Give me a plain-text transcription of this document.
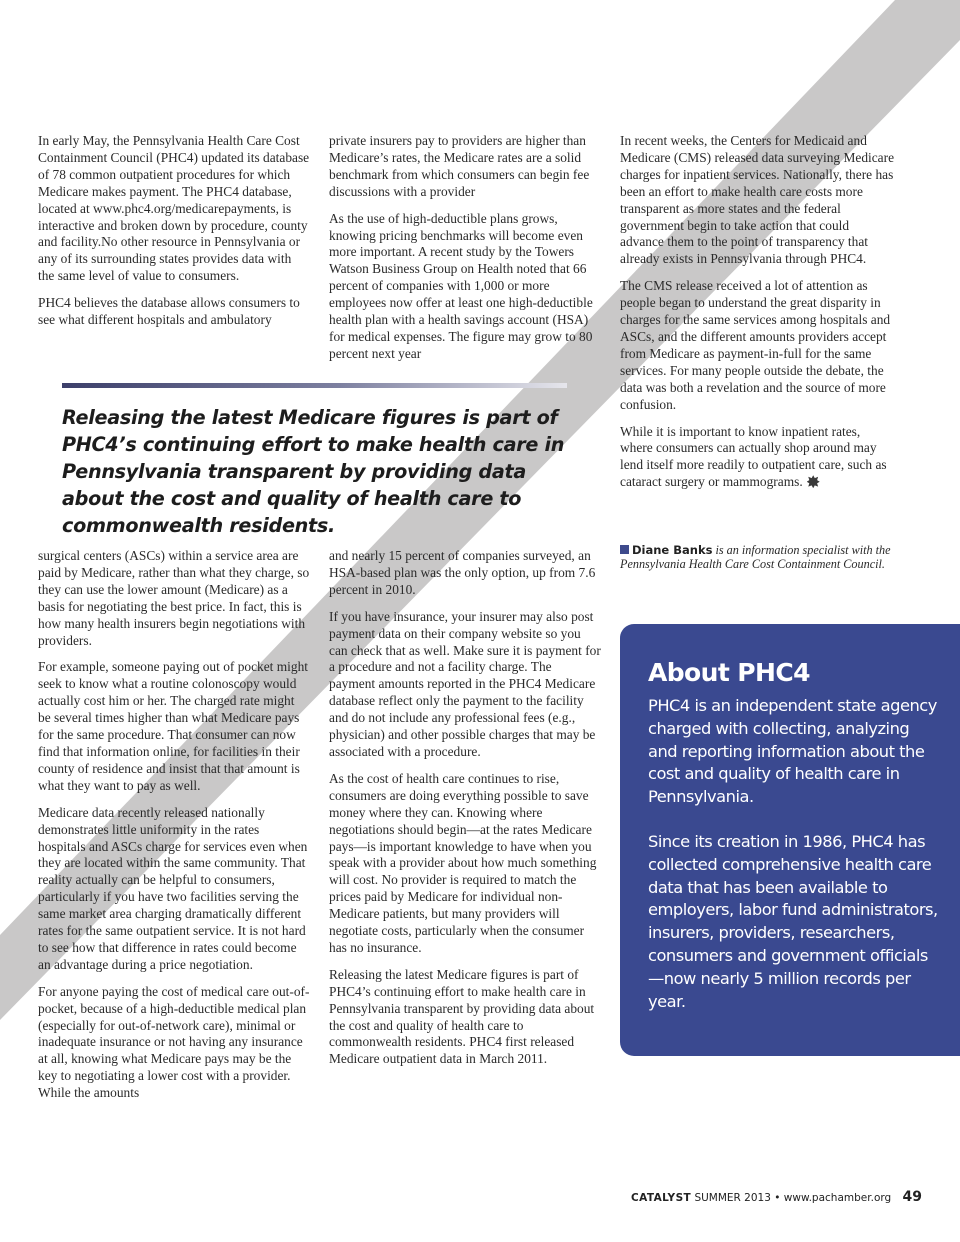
In early May, the Pennsylvania Health Care Cost Containment Council (PHC4) updated its database of 78 common outpatient procedures for which Medicare makes payment. The PHC4 database, located at www.phc4.org/medicarepayments, is interactive and broken down by procedure, county and facility.No other resource in Pennsylvania or any of its surrounding states provides data with the same level of value to consumers.

PHC4 believes the database allows consumers to see what different hospitals and ambulatory

private insurers pay to providers are higher than Medicare’s rates, the Medicare rates are a solid benchmark from which consumers can begin fee discussions with a provider

As the use of high-deductible plans grows, knowing pricing benchmarks will become even more important. A recent study by the Towers Watson Business Group on Health noted that 66 percent of companies with 1,000 or more employees now offer at least one high-deductible health plan with a health savings account (HSA) for medical expenses. The figure may grow to 80 percent next year

In recent weeks, the Centers for Medicaid and Medicare (CMS) released data surveying Medicare charges for inpatient services. Nationally, there has been an effort to make health care costs more transparent as more states and the federal government begin to take action that could advance them to the point of transparency that already exists in Pennsylvania through PHC4.

The CMS release received a lot of attention as people began to understand the great disparity in charges for the same services among hospitals and ASCs, and the different amounts providers accept from Medicare as payment-in-full for the same services. For many people outside the debate, the data was both a revelation and the source of more confusion.

While it is important to know inpatient rates, where consumers can actually shop around may lend itself more readily to outpatient care, such as cataract surgery or mammograms.

Releasing the latest Medicare figures is part of PHC4’s continuing effort to make health care in Pennsylvania transparent by providing data about the cost and quality of health care to commonwealth residents.

surgical centers (ASCs) within a service area are paid by Medicare, rather than what they charge, so they can use the lower amount (Medicare) as a basis for negotiating the best price. In fact, this is how many health insurers begin negotiations with providers.

For example, someone paying out of pocket might seek to know what a routine colonoscopy would actually cost him or her. The charged rate might be several times higher than what Medicare pays for the same procedure. That consumer can now find that information online, for facilities in their county of residence and insist that that amount is what they want to pay as well.

Medicare data recently released nationally demonstrates little uniformity in the rates hospitals and ASCs charge for services even when they are located within the same community. That reality actually can be helpful to consumers, particularly if you have two facilities serving the same market area charging dramatically different rates for the same outpatient service. It is not hard to see how that difference in rates could become an advantage during a price negotiation.

For anyone paying the cost of medical care out-of-pocket, because of a high-deductible medical plan (especially for out-of-network care), minimal or inadequate insurance or not having any insurance at all, knowing what Medicare pays may be the key to negotiating a lower cost with a provider. While the amounts

and nearly 15 percent of companies surveyed, an HSA-based plan was the only option, up from 7.6 percent in 2010.

If you have insurance, your insurer may also post payment data on their company website so you can check that as well. Make sure it is payment for a procedure and not a facility charge. The payment amounts reported in the PHC4 Medicare database reflect only the payment to the facility and do not include any professional fees (e.g., physician) and other possible charges that may be associated with a procedure.

As the cost of health care continues to rise, consumers are doing everything possible to save money where they can. Knowing where negotiations should begin—at the rates Medicare pays—is important knowledge to have when you speak with a provider about how much something will cost. No provider is required to match the prices paid by Medicare for individual non-Medicare patients, but many providers will negotiate costs, particularly when the consumer has no insurance.

Releasing the latest Medicare figures is part of PHC4’s continuing effort to make health care in Pennsylvania transparent by providing data about the cost and quality of health care to commonwealth residents. PHC4 first released Medicare outpatient data in March 2011.

Diane Banks is an information specialist with the Pennsylvania Health Care Cost Containment Council.
About PHC4

PHC4 is an independent state agency charged with collecting, analyzing and reporting information about the cost and quality of health care in Pennsylvania.

Since its creation in 1986, PHC4 has collected comprehensive health care data that has been available to employers, labor fund administrators, insurers, providers, researchers, consumers and government officials—now nearly 5 million records per year.

CATALYST SUMMER 2013 • www.pachamber.org 49
